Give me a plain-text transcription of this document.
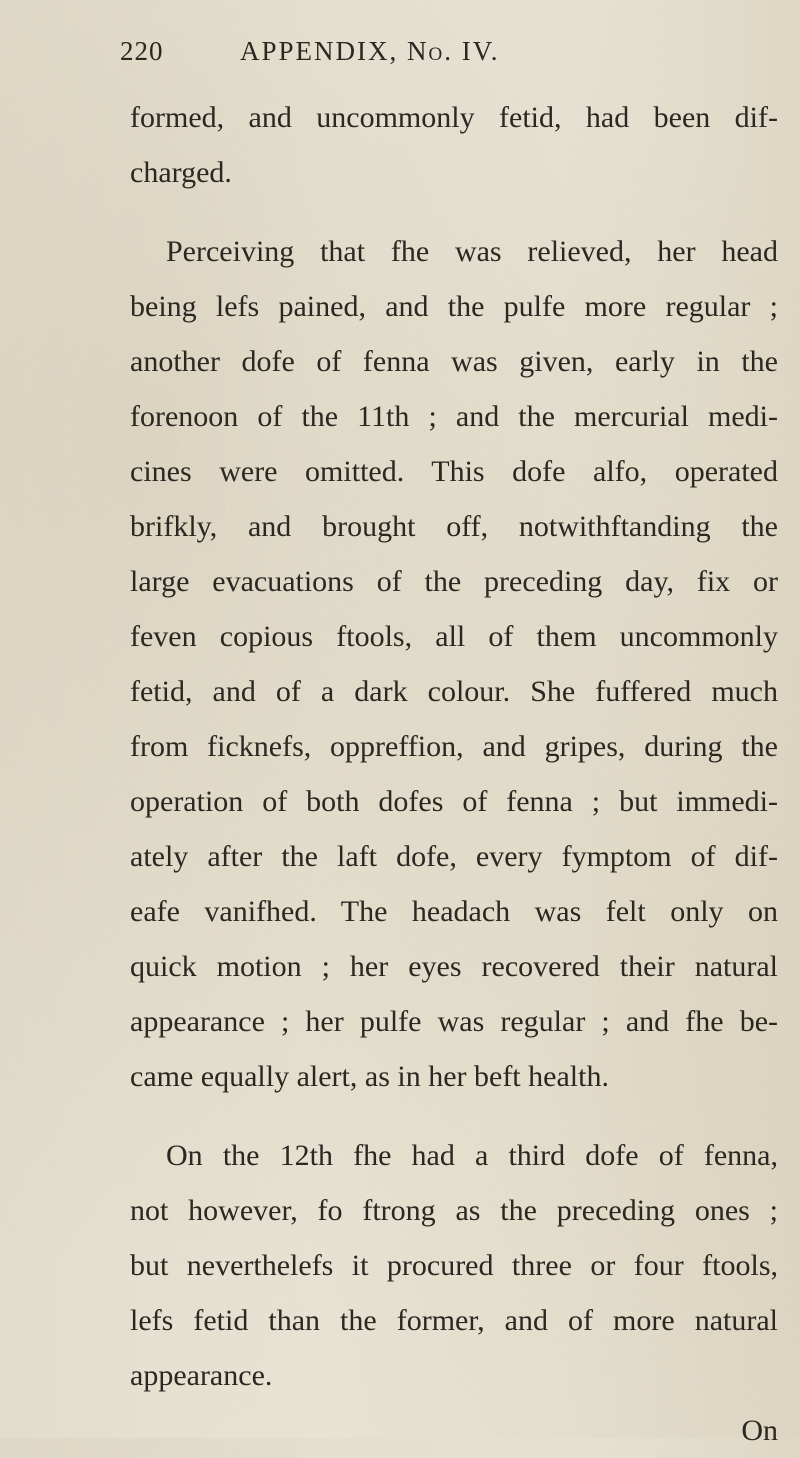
220	APPENDIX, No. IV.
formed, and uncommonly fetid, had been dif-
charged.
Perceiving that fhe was relieved, her head
being lefs pained, and the pulfe more regular ;
another dofe of fenna was given, early in the
forenoon of the 11th ; and the mercurial medi-
cines were omitted. This dofe alfo, operated
brifkly, and brought off, notwithftanding the
large evacuations of the preceding day, fix or
feven copious ftools, all of them uncommonly
fetid, and of a dark colour. She fuffered much
from ficknefs, oppreffion, and gripes, during the
operation of both dofes of fenna ; but immedi-
ately after the laft dofe, every fymptom of dif-
eafe vanifhed. The headach was felt only on
quick motion ; her eyes recovered their natural
appearance ; her pulfe was regular ; and fhe be-
came equally alert, as in her beft health.
On the 12th fhe had a third dofe of fenna,
not however, fo ftrong as the preceding ones ;
but neverthelefs it procured three or four ftools,
lefs fetid than the former, and of more natural
appearance.
On
